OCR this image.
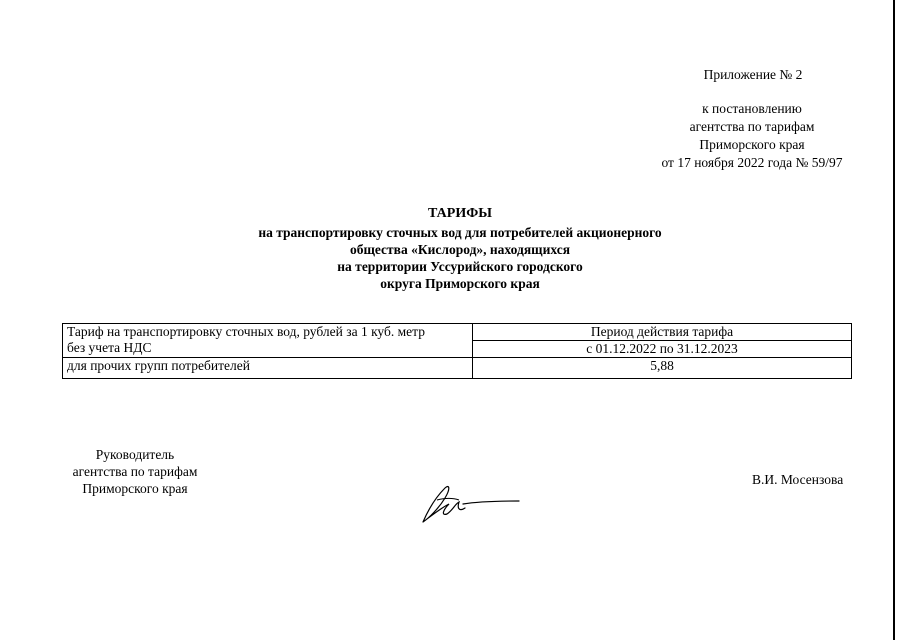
Приложение № 2
к постановлению
агентства по тарифам
Приморского края
от 17 ноября 2022 года № 59/97
ТАРИФЫ
на транспортировку сточных вод для потребителей акционерного
общества «Кислород», находящихся
на территории Уссурийского городского
округа Приморского края
Тариф на транспортировку сточных вод, рублей за 1 куб. метр
без учета НДС	Период действия тарифа
	с 01.12.2022 по 31.12.2023
для прочих групп потребителей	5,88
Руководитель
агентства по тарифам
Приморского края
В.И. Мосензова
